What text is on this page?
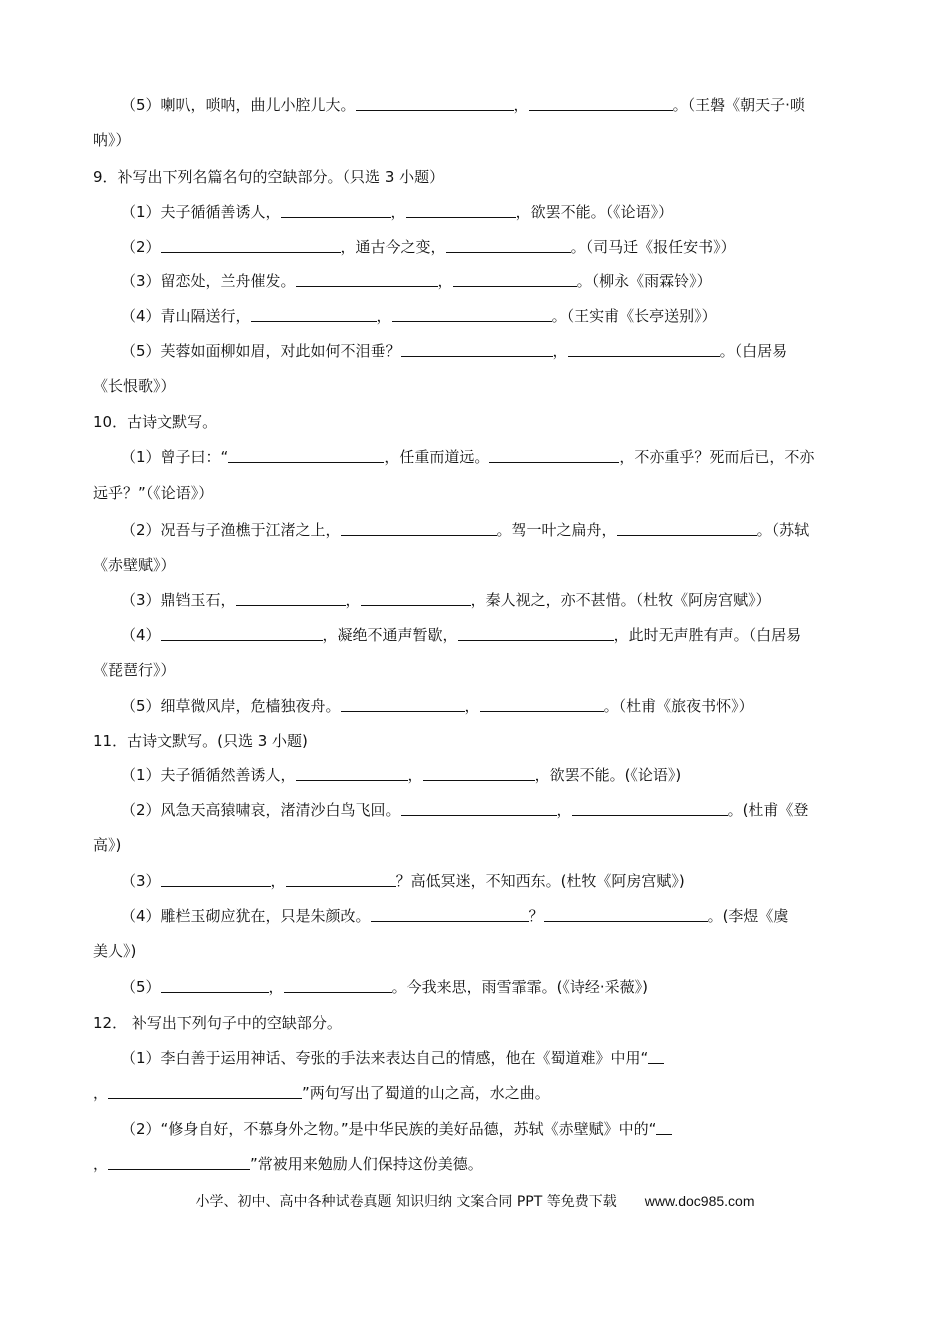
（5）喇叭，唢呐，曲儿小腔儿大。	，	。（王磐《朝天子·唢
呐》）
9．补写出下列名篇名句的空缺部分。（只选 3 小题）
（1）夫子循循善诱人，	，	，欲罢不能。（《论语》）
（2）	，通古今之变，	。（司马迁《报任安书》）
（3）留恋处，兰舟催发。	，	。（柳永《雨霖铃》）
（4）青山隔送行，	，	。（王实甫《长亭送别》）
（5）芙蓉如面柳如眉，对此如何不泪垂？	，	。（白居易
《长恨歌》）
10．古诗文默写。
（1）曾子曰：“	，任重而道远。	，不亦重乎？死而后已，不亦
远乎？”（《论语》）
（2）况吾与子渔樵于江渚之上，	。驾一叶之扁舟，	。（苏轼
《赤壁赋》）
（3）鼎铛玉石，	，	，秦人视之，亦不甚惜。（杜牧《阿房宫赋》）
（4）	，凝绝不通声暂歇，	，此时无声胜有声。（白居易
《琵琶行》）
（5）细草微风岸，危樯独夜舟。	，	。（杜甫《旅夜书怀》）
11．古诗文默写。(只选 3 小题)
（1）夫子循循然善诱人，	，	，欲罢不能。(《论语》)
（2）风急天高猿啸哀，渚清沙白鸟飞回。	，	。(杜甫《登
高》)
（3）	，	？高低冥迷，不知西东。(杜牧《阿房宫赋》)
（4）雕栏玉砌应犹在，只是朱颜改。	？	。(李煜《虞
美人》)
（5）	，	。今我来思，雨雪霏霏。(《诗经·采薇》)
12． 补写出下列句子中的空缺部分。
（1）李白善于运用神话、夸张的手法来表达自己的情感，他在《蜀道难》中用“
，	”两句写出了蜀道的山之高，水之曲。
（2）“修身自好，不慕身外之物。”是中华民族的美好品德，苏轼《赤壁赋》中的“
，	”常被用来勉励人们保持这份美德。
小学、初中、高中各种试卷真题 知识归纳 文案合同 PPT 等免费下载 www.doc985.com
